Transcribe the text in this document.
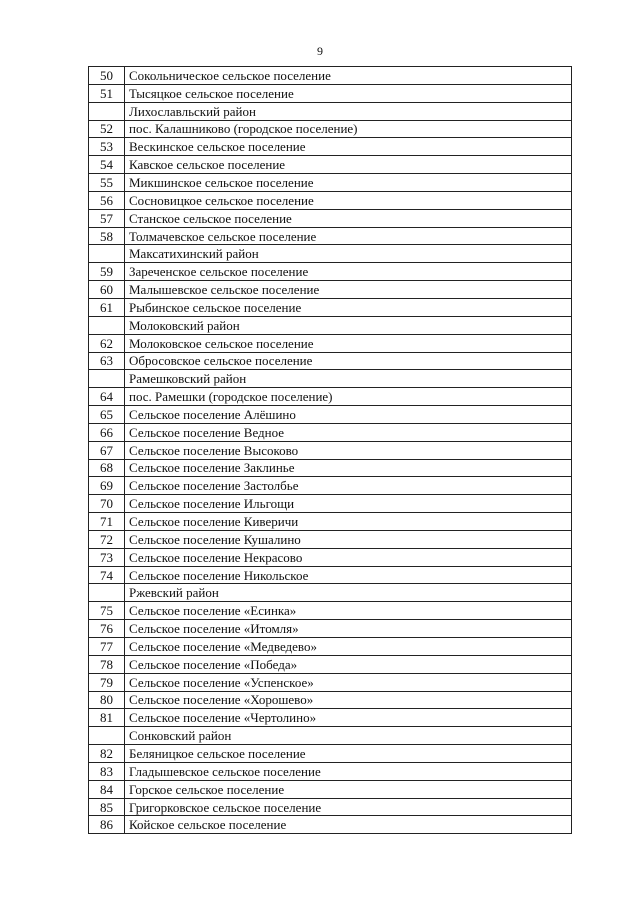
9
50	Сокольническое сельское поселение
51	Тысяцкое сельское поселение
	Лихославльский район
52	пос. Калашниково (городское поселение)
53	Вескинское сельское поселение
54	Кавское сельское поселение
55	Микшинское сельское поселение
56	Сосновицкое сельское поселение
57	Станское сельское поселение
58	Толмачевское сельское поселение
	Максатихинский район
59	Зареченское сельское поселение
60	Малышевское сельское поселение
61	Рыбинское сельское поселение
	Молоковский район
62	Молоковское сельское поселение
63	Обросовское сельское поселение
	Рамешковский район
64	пос. Рамешки (городское поселение)
65	Сельское поселение Алёшино
66	Сельское поселение Ведное
67	Сельское поселение Высоково
68	Сельское поселение Заклинье
69	Сельское поселение Застолбье
70	Сельское поселение Ильгощи
71	Сельское поселение Киверичи
72	Сельское поселение Кушалино
73	Сельское поселение Некрасово
74	Сельское поселение Никольское
	Ржевский район
75	Сельское поселение «Есинка»
76	Сельское поселение «Итомля»
77	Сельское поселение «Медведево»
78	Сельское поселение «Победа»
79	Сельское поселение «Успенское»
80	Сельское поселение «Хорошево»
81	Сельское поселение «Чертолино»
	Сонковский район
82	Беляницкое сельское поселение
83	Гладышевское сельское поселение
84	Горское сельское поселение
85	Григорковское сельское поселение
86	Койское сельское поселение
